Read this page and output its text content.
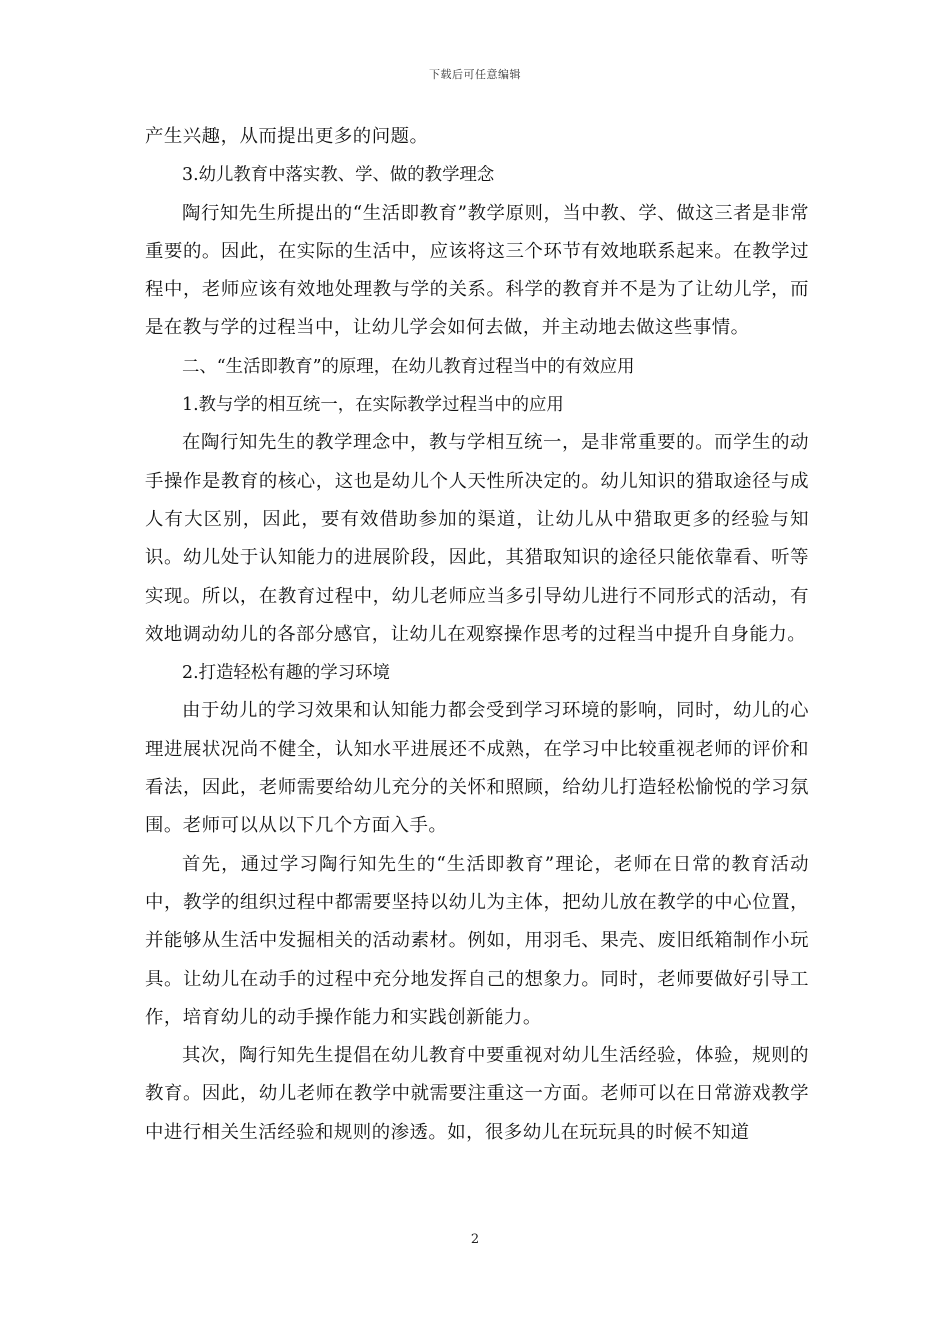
下载后可任意编辑

产生兴趣，从而提出更多的问题。

3.幼儿教育中落实教、学、做的教学理念

陶行知先生所提出的“生活即教育”教学原则，当中教、学、做这三者是非常重要的。因此，在实际的生活中，应该将这三个环节有效地联系起来。在教学过程中，老师应该有效地处理教与学的关系。科学的教育并不是为了让幼儿学，而是在教与学的过程当中，让幼儿学会如何去做，并主动地去做这些事情。

二、“生活即教育”的原理，在幼儿教育过程当中的有效应用

1.教与学的相互统一，在实际教学过程当中的应用

在陶行知先生的教学理念中，教与学相互统一，是非常重要的。而学生的动手操作是教育的核心，这也是幼儿个人天性所决定的。幼儿知识的猎取途径与成人有大区别，因此，要有效借助参加的渠道，让幼儿从中猎取更多的经验与知识。幼儿处于认知能力的进展阶段，因此，其猎取知识的途径只能依靠看、听等实现。所以，在教育过程中，幼儿老师应当多引导幼儿进行不同形式的活动，有效地调动幼儿的各部分感官，让幼儿在观察操作思考的过程当中提升自身能力。

2.打造轻松有趣的学习环境

由于幼儿的学习效果和认知能力都会受到学习环境的影响，同时，幼儿的心理进展状况尚不健全，认知水平进展还不成熟，在学习中比较重视老师的评价和看法，因此，老师需要给幼儿充分的关怀和照顾，给幼儿打造轻松愉悦的学习氛围。老师可以从以下几个方面入手。

首先，通过学习陶行知先生的“生活即教育”理论，老师在日常的教育活动中，教学的组织过程中都需要坚持以幼儿为主体，把幼儿放在教学的中心位置，并能够从生活中发掘相关的活动素材。例如，用羽毛、果壳、废旧纸箱制作小玩具。让幼儿在动手的过程中充分地发挥自己的想象力。同时，老师要做好引导工作，培育幼儿的动手操作能力和实践创新能力。

其次，陶行知先生提倡在幼儿教育中要重视对幼儿生活经验，体验，规则的教育。因此，幼儿老师在教学中就需要注重这一方面。老师可以在日常游戏教学中进行相关生活经验和规则的渗透。如，很多幼儿在玩玩具的时候不知道

2
